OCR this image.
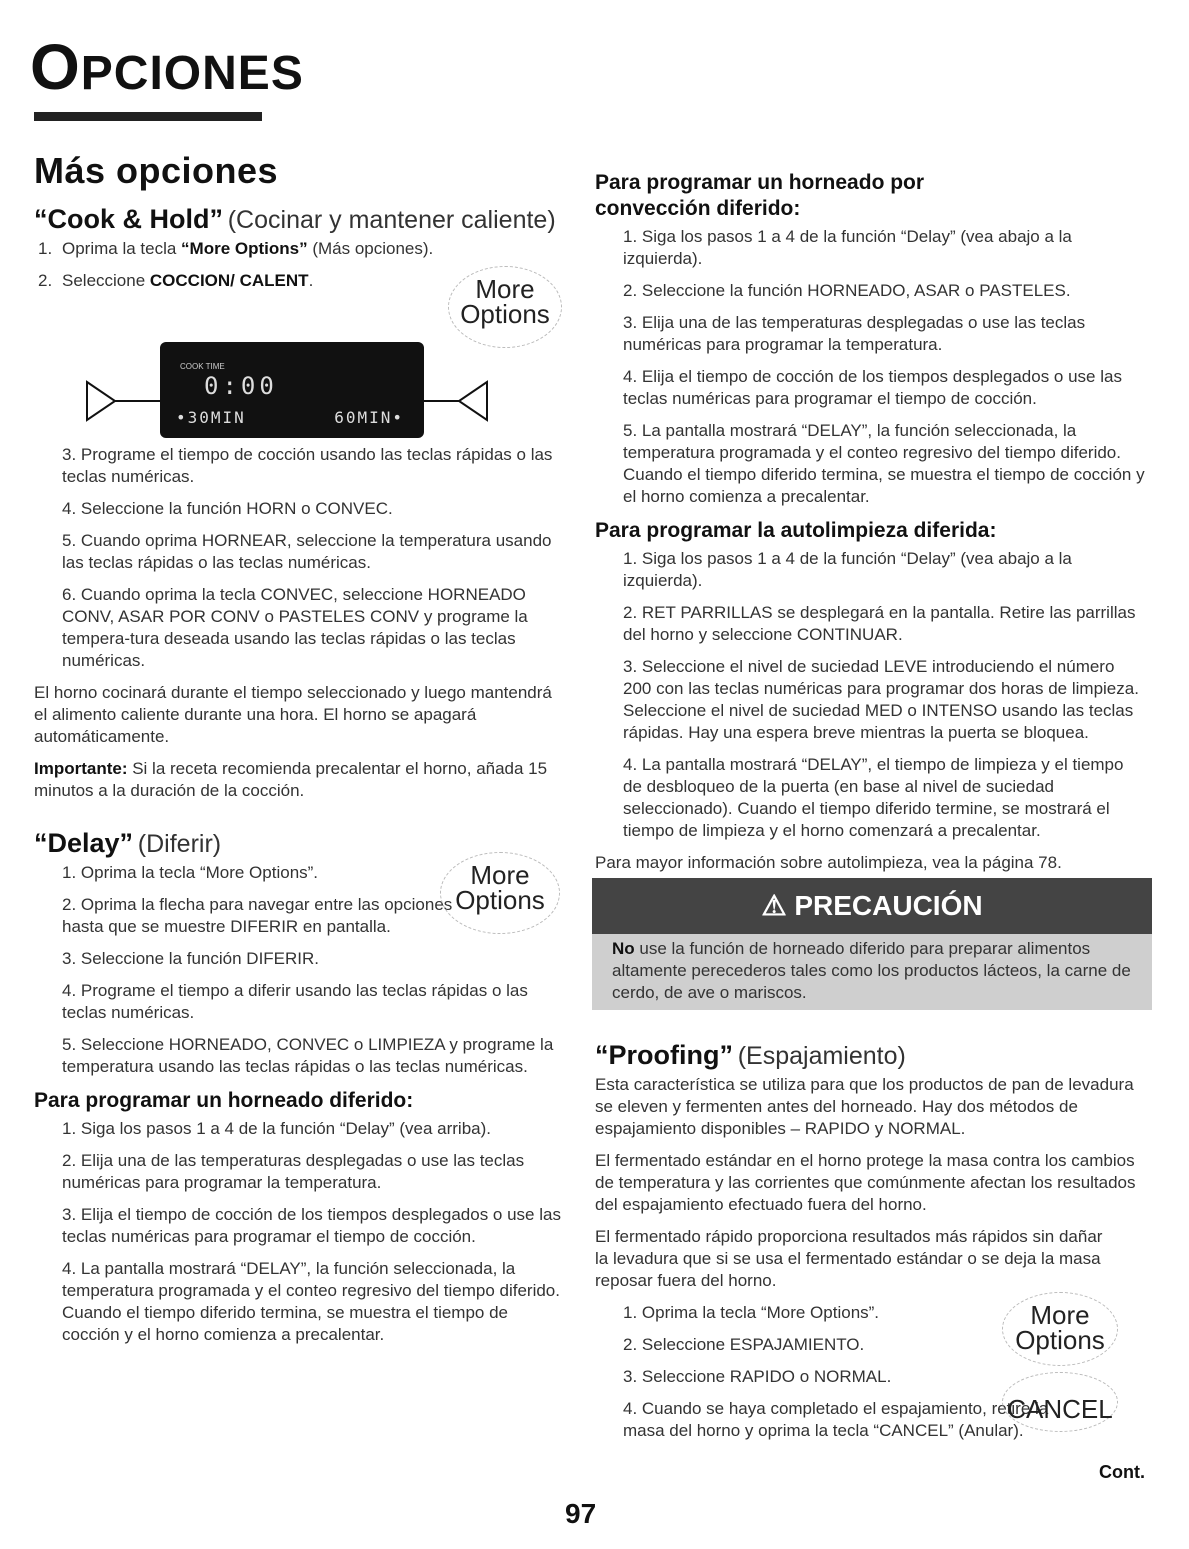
OPCIONES
Más opciones
“Cook & Hold” (Cocinar y mantener caliente)
1. Oprima la tecla “More Options” (Más opciones).
2. Seleccione COCCION/ CALENT.
3. Programe el tiempo de cocción usando las teclas rápidas o las teclas numéricas.
4. Seleccione la función HORN o CONVEC.
5. Cuando oprima HORNEAR, seleccione la temperatura usando las teclas rápidas o las teclas numéricas.
6. Cuando oprima la tecla CONVEC, seleccione HORNEADO CONV, ASAR POR CONV o PASTELES CONV y programe la tempera-tura deseada usando las teclas rápidas o las teclas numéricas.

El horno cocinará durante el tiempo seleccionado y luego mantendrá el alimento caliente durante una hora. El horno se apagará automáticamente.

Importante: Si la receta recomienda precalentar el horno, añada 15 minutos a la duración de la cocción.

“Delay” (Diferir)
1. Oprima la tecla “More Options”.
2. Oprima la flecha para navegar entre las opciones hasta que se muestre DIFERIR en pantalla.
3. Seleccione la función DIFERIR.
4. Programe el tiempo a diferir usando las teclas rápidas o las teclas numéricas.
5. Seleccione HORNEADO, CONVEC o LIMPIEZA y programe la temperatura usando las teclas rápidas o las teclas numéricas.
Para programar un horneado diferido:
1. Siga los pasos 1 a 4 de la función “Delay” (vea arriba).
2. Elija una de las temperaturas desplegadas o use las teclas numéricas para programar la temperatura.
3. Elija el tiempo de cocción de los tiempos desplegados o use las teclas numéricas para programar el tiempo de cocción.
4. La pantalla mostrará “DELAY”, la función seleccionada, la temperatura programada y el conteo regresivo del tiempo diferido. Cuando el tiempo diferido termina, se muestra el tiempo de cocción y el horno comienza a precalentar.
More
Options
More
Options
COOK TIME
0:00
•30MIN	60MIN•
Para programar un horneado por convección diferido:
1. Siga los pasos 1 a 4 de la función “Delay” (vea abajo a la izquierda).
2. Seleccione la función HORNEADO, ASAR o PASTELES.
3. Elija una de las temperaturas desplegadas o use las teclas numéricas para programar la temperatura.
4. Elija el tiempo de cocción de los tiempos desplegados o use las teclas numéricas para programar el tiempo de cocción.
5. La pantalla mostrará “DELAY”, la función seleccionada, la temperatura programada y el conteo regresivo del tiempo diferido. Cuando el tiempo diferido termina, se muestra el tiempo de cocción y el horno comienza a precalentar.
Para programar la autolimpieza diferida:
1. Siga los pasos 1 a 4 de la función “Delay” (vea abajo a la izquierda).
2. RET PARRILLAS se desplegará en la pantalla. Retire las parrillas del horno y seleccione CONTINUAR.
3. Seleccione el nivel de suciedad LEVE introduciendo el número 200 con las teclas numéricas para programar dos horas de limpieza. Seleccione el nivel de suciedad MED o INTENSO usando las teclas rápidas. Hay una espera breve mientras la puerta se bloquea.
4. La pantalla mostrará “DELAY”, el tiempo de limpieza y el tiempo de desbloqueo de la puerta (en base al nivel de suciedad seleccionado). Cuando el tiempo diferido termine, se mostrará el tiempo de limpieza y el horno comenzará a precalentar.

Para mayor información sobre autolimpieza, vea la página 78.

⚠ PRECAUCIÓN
No use la función de horneado diferido para preparar alimentos altamente perecederos tales como los productos lácteos, la carne de cerdo, de ave o mariscos.
“Proofing” (Espajamiento)

Esta característica se utiliza para que los productos de pan de levadura se eleven y fermenten antes del horneado. Hay dos métodos de espajamiento disponibles – RAPIDO y NORMAL.

El fermentado estándar en el horno protege la masa contra los cambios de temperatura y las corrientes que comúnmente afectan los resultados del espajamiento efectuado fuera del horno.

El fermentado rápido proporciona resultados más rápidos sin dañar la levadura que si se usa el fermentado estándar o se deja la masa reposar fuera del horno.

1. Oprima la tecla “More Options”.
2. Seleccione ESPAJAMIENTO.
3. Seleccione RAPIDO o NORMAL.
4. Cuando se haya completado el espajamiento, retire la masa del horno y oprima la tecla “CANCEL” (Anular).
Cont.
97
More
Options
CANCEL
